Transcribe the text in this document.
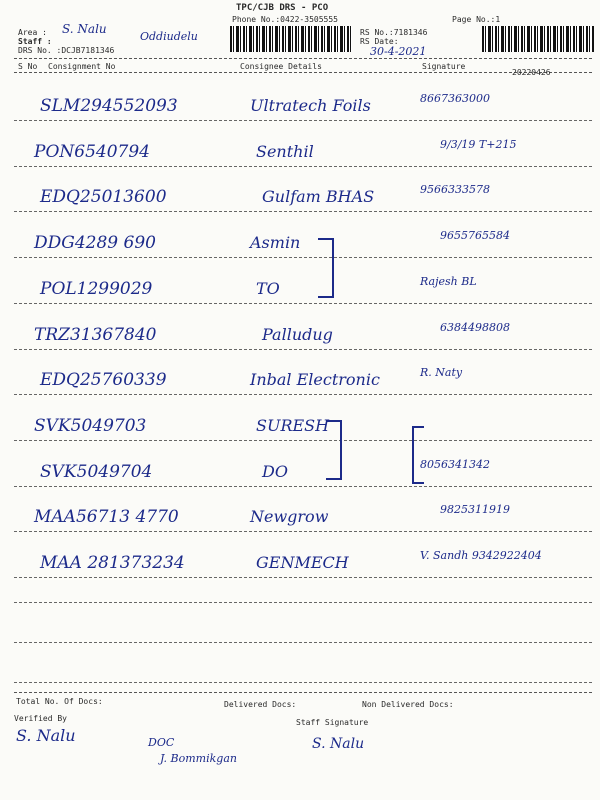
TPC/CJB DRS - PCO
Phone No.:0422-3505555
Area :
Staff :
DRS No. :DCJB7181346
S. Nalu
Oddiudelu	RS No.:7181346
RS Date:
30-4-2021
Page No.:1
S No Consignment No	Consignee Details	Signature
20220426
SLM294552093	Ultratech Foils	8667363000
PON6540794	Senthil	9/3/19 T+215
EDQ25013600	Gulfam BHAS	9566333578
DDG4289 690	Asmin	9655765584
POL1299029	TO	Rajesh BL
TRZ31367840	Palludug	6384498808
EDQ25760339	Inbal Electronic	R. Naty
SVK5049703	SURESH
SVK5049704	DO	8056341342
MAA56713 4770	Newgrow	9825311919
MAA 281373234	GENMECH	V. Sandh 9342922404
Total No. Of Docs:	Delivered Docs:	Non Delivered Docs:
Verified By	Staff Signature
S. Nalu	DOC
J. Bommikgan
S. Nalu
